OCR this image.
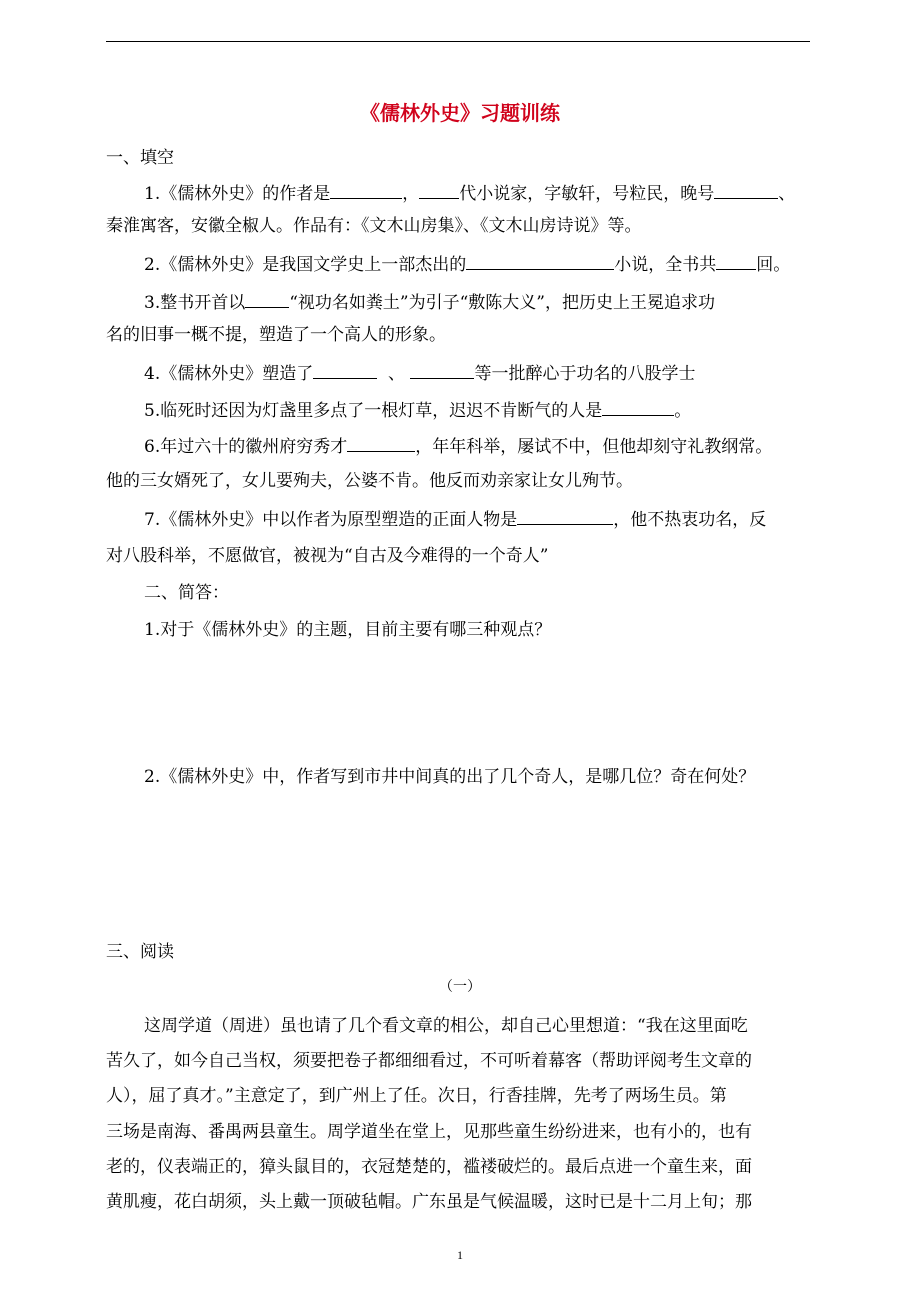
《儒林外史》习题训练
一、填空
1.《儒林外史》的作者是	， 代小说家，字敏轩，号粒民，晚号	、
秦淮寓客，安徽全椒人。作品有：《文木山房集》、《文木山房诗说》等。
2.《儒林外史》是我国文学史上一部杰出的	小说，全书共 回。
3.整书开首以	“视功名如粪土”为引子“敷陈大义”，把历史上王冕追求功
名的旧事一概不提，塑造了一个高人的形象。
4.《儒林外史》塑造了	、	等一批醉心于功名的八股学士
5.临死时还因为灯盏里多点了一根灯草，迟迟不肯断气的人是	。
6.年过六十的徽州府穷秀才	，年年科举，屡试不中，但他却刻守礼教纲常。
他的三女婿死了，女儿要殉夫，公婆不肯。他反而劝亲家让女儿殉节。
7.《儒林外史》中以作者为原型塑造的正面人物是	，他不热衷功名，反
对八股科举，不愿做官，被视为“自古及今难得的一个奇人”
二、简答：
1.对于《儒林外史》的主题，目前主要有哪三种观点？
2.《儒林外史》中，作者写到市井中间真的出了几个奇人，是哪几位？奇在何处？
三、阅读
（一）
这周学道（周进）虽也请了几个看文章的相公，却自己心里想道：“我在这里面吃
苦久了，如今自己当权，须要把卷子都细细看过，不可听着幕客（帮助评阅考生文章的
人），屈了真才。”主意定了，到广州上了任。次日，行香挂牌，先考了两场生员。第
三场是南海、番禺两县童生。周学道坐在堂上，见那些童生纷纷进来，也有小的，也有
老的，仪表端正的，獐头鼠目的，衣冠楚楚的，褴褛破烂的。最后点进一个童生来，面
黄肌瘦，花白胡须，头上戴一顶破毡帽。广东虽是气候温暖，这时已是十二月上旬；那
1
